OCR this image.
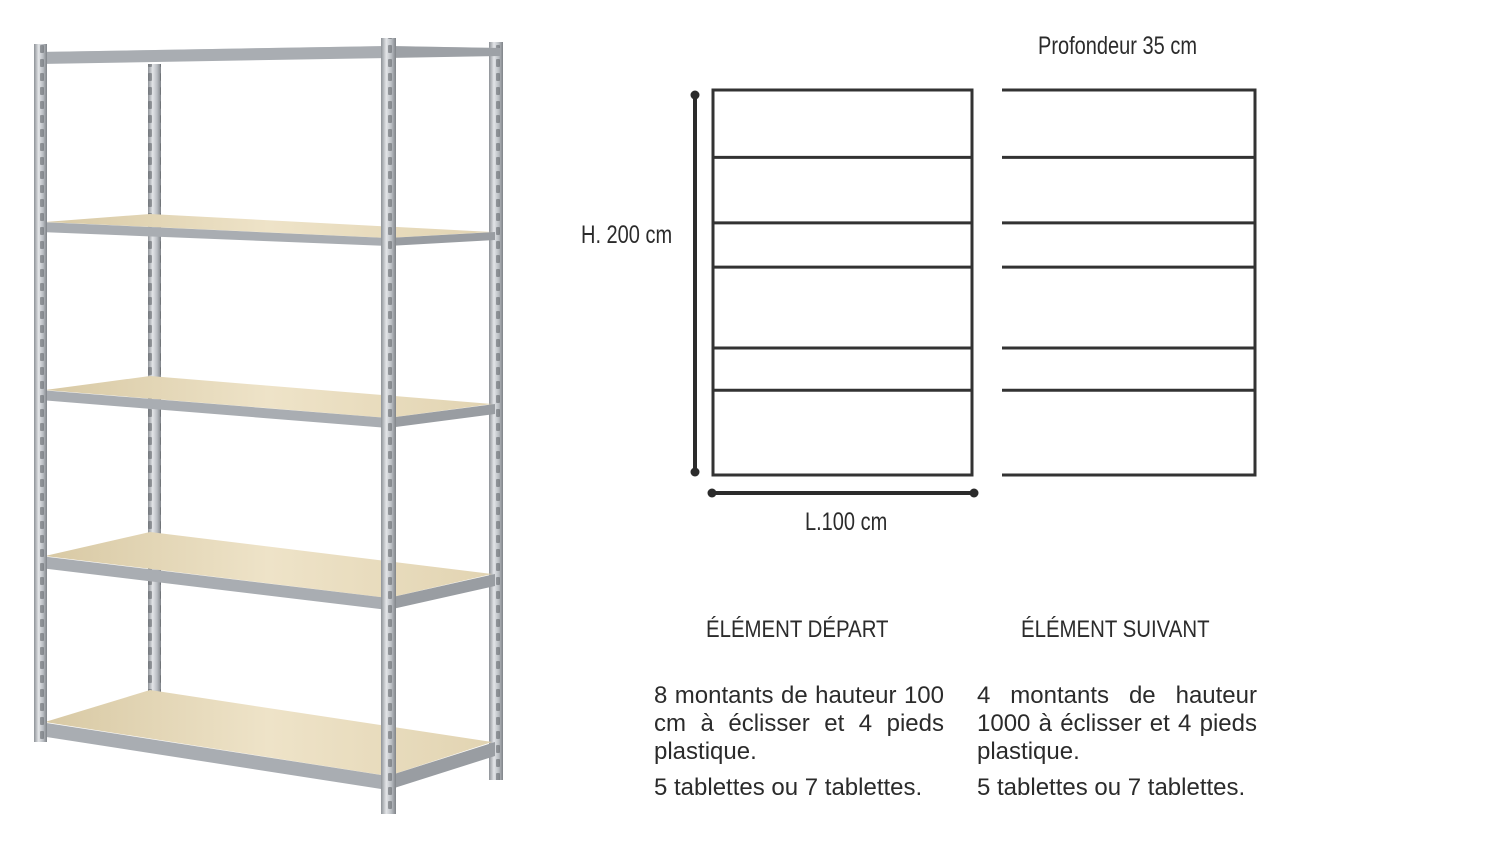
Profondeur 35 cm
H. 200 cm
L.100 cm
ÉLÉMENT DÉPART	ÉLÉMENT SUIVANT

8 montants de hauteur 100 cm à éclisser et 4 pieds plastique.

5 tablettes ou 7 tablettes.

4 montants de hauteur 1000 à éclisser et 4 pieds plastique.

5 tablettes ou 7 tablettes.
